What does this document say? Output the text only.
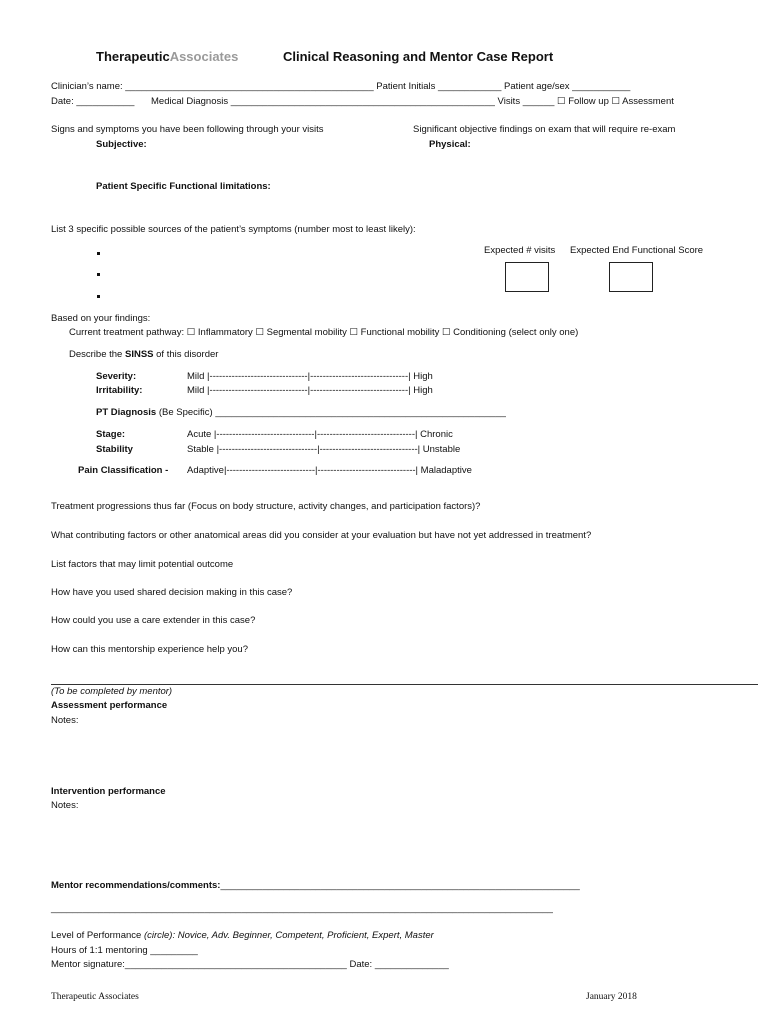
TherapeuticAssociates	Clinical Reasoning and Mentor Case Report
Clinician’s name: _______________________________________________ Patient Initials ____________ Patient age/sex ___________
Date: ___________ Medical Diagnosis __________________________________________________ Visits ______ ☐ Follow up ☐ Assessment
Signs and symptoms you have been following through your visits
Subjective:
Significant objective findings on exam that will require re-exam
Physical:
Patient Specific Functional limitations:
List 3 specific possible sources of the patient’s symptoms (number most to least likely):
Expected # visits Expected End Functional Score
Based on your findings:
Current treatment pathway: ☐ Inflammatory ☐ Segmental mobility ☐ Functional mobility ☐ Conditioning (select only one)
Describe the SINSS of this disorder
Severity:	Mild |-------------------------------|-------------------------------| High
Irritability:	Mild |-------------------------------|-------------------------------| High
PT Diagnosis (Be Specific) _______________________________________________________
Stage:	Acute |-------------------------------|-------------------------------| Chronic
Stability	Stable |-------------------------------|-------------------------------| Unstable
Pain Classification - Adaptive|----------------------------|-------------------------------| Maladaptive
Treatment progressions thus far (Focus on body structure, activity changes, and participation factors)?
What contributing factors or other anatomical areas did you consider at your evaluation but have not yet addressed in treatment?
List factors that may limit potential outcome
How have you used shared decision making in this case?
How could you use a care extender in this case?
How can this mentorship experience help you?
(To be completed by mentor)
Assessment performance
Notes:
Intervention performance
Notes:
Mentor recommendations/comments:____________________________________________________________________
_______________________________________________________________________________________________
Level of Performance (circle): Novice, Adv. Beginner, Competent, Proficient, Expert, Master
Hours of 1:1 mentoring _________
Mentor signature:__________________________________________ Date: ______________
Therapeutic Associates	January 2018
